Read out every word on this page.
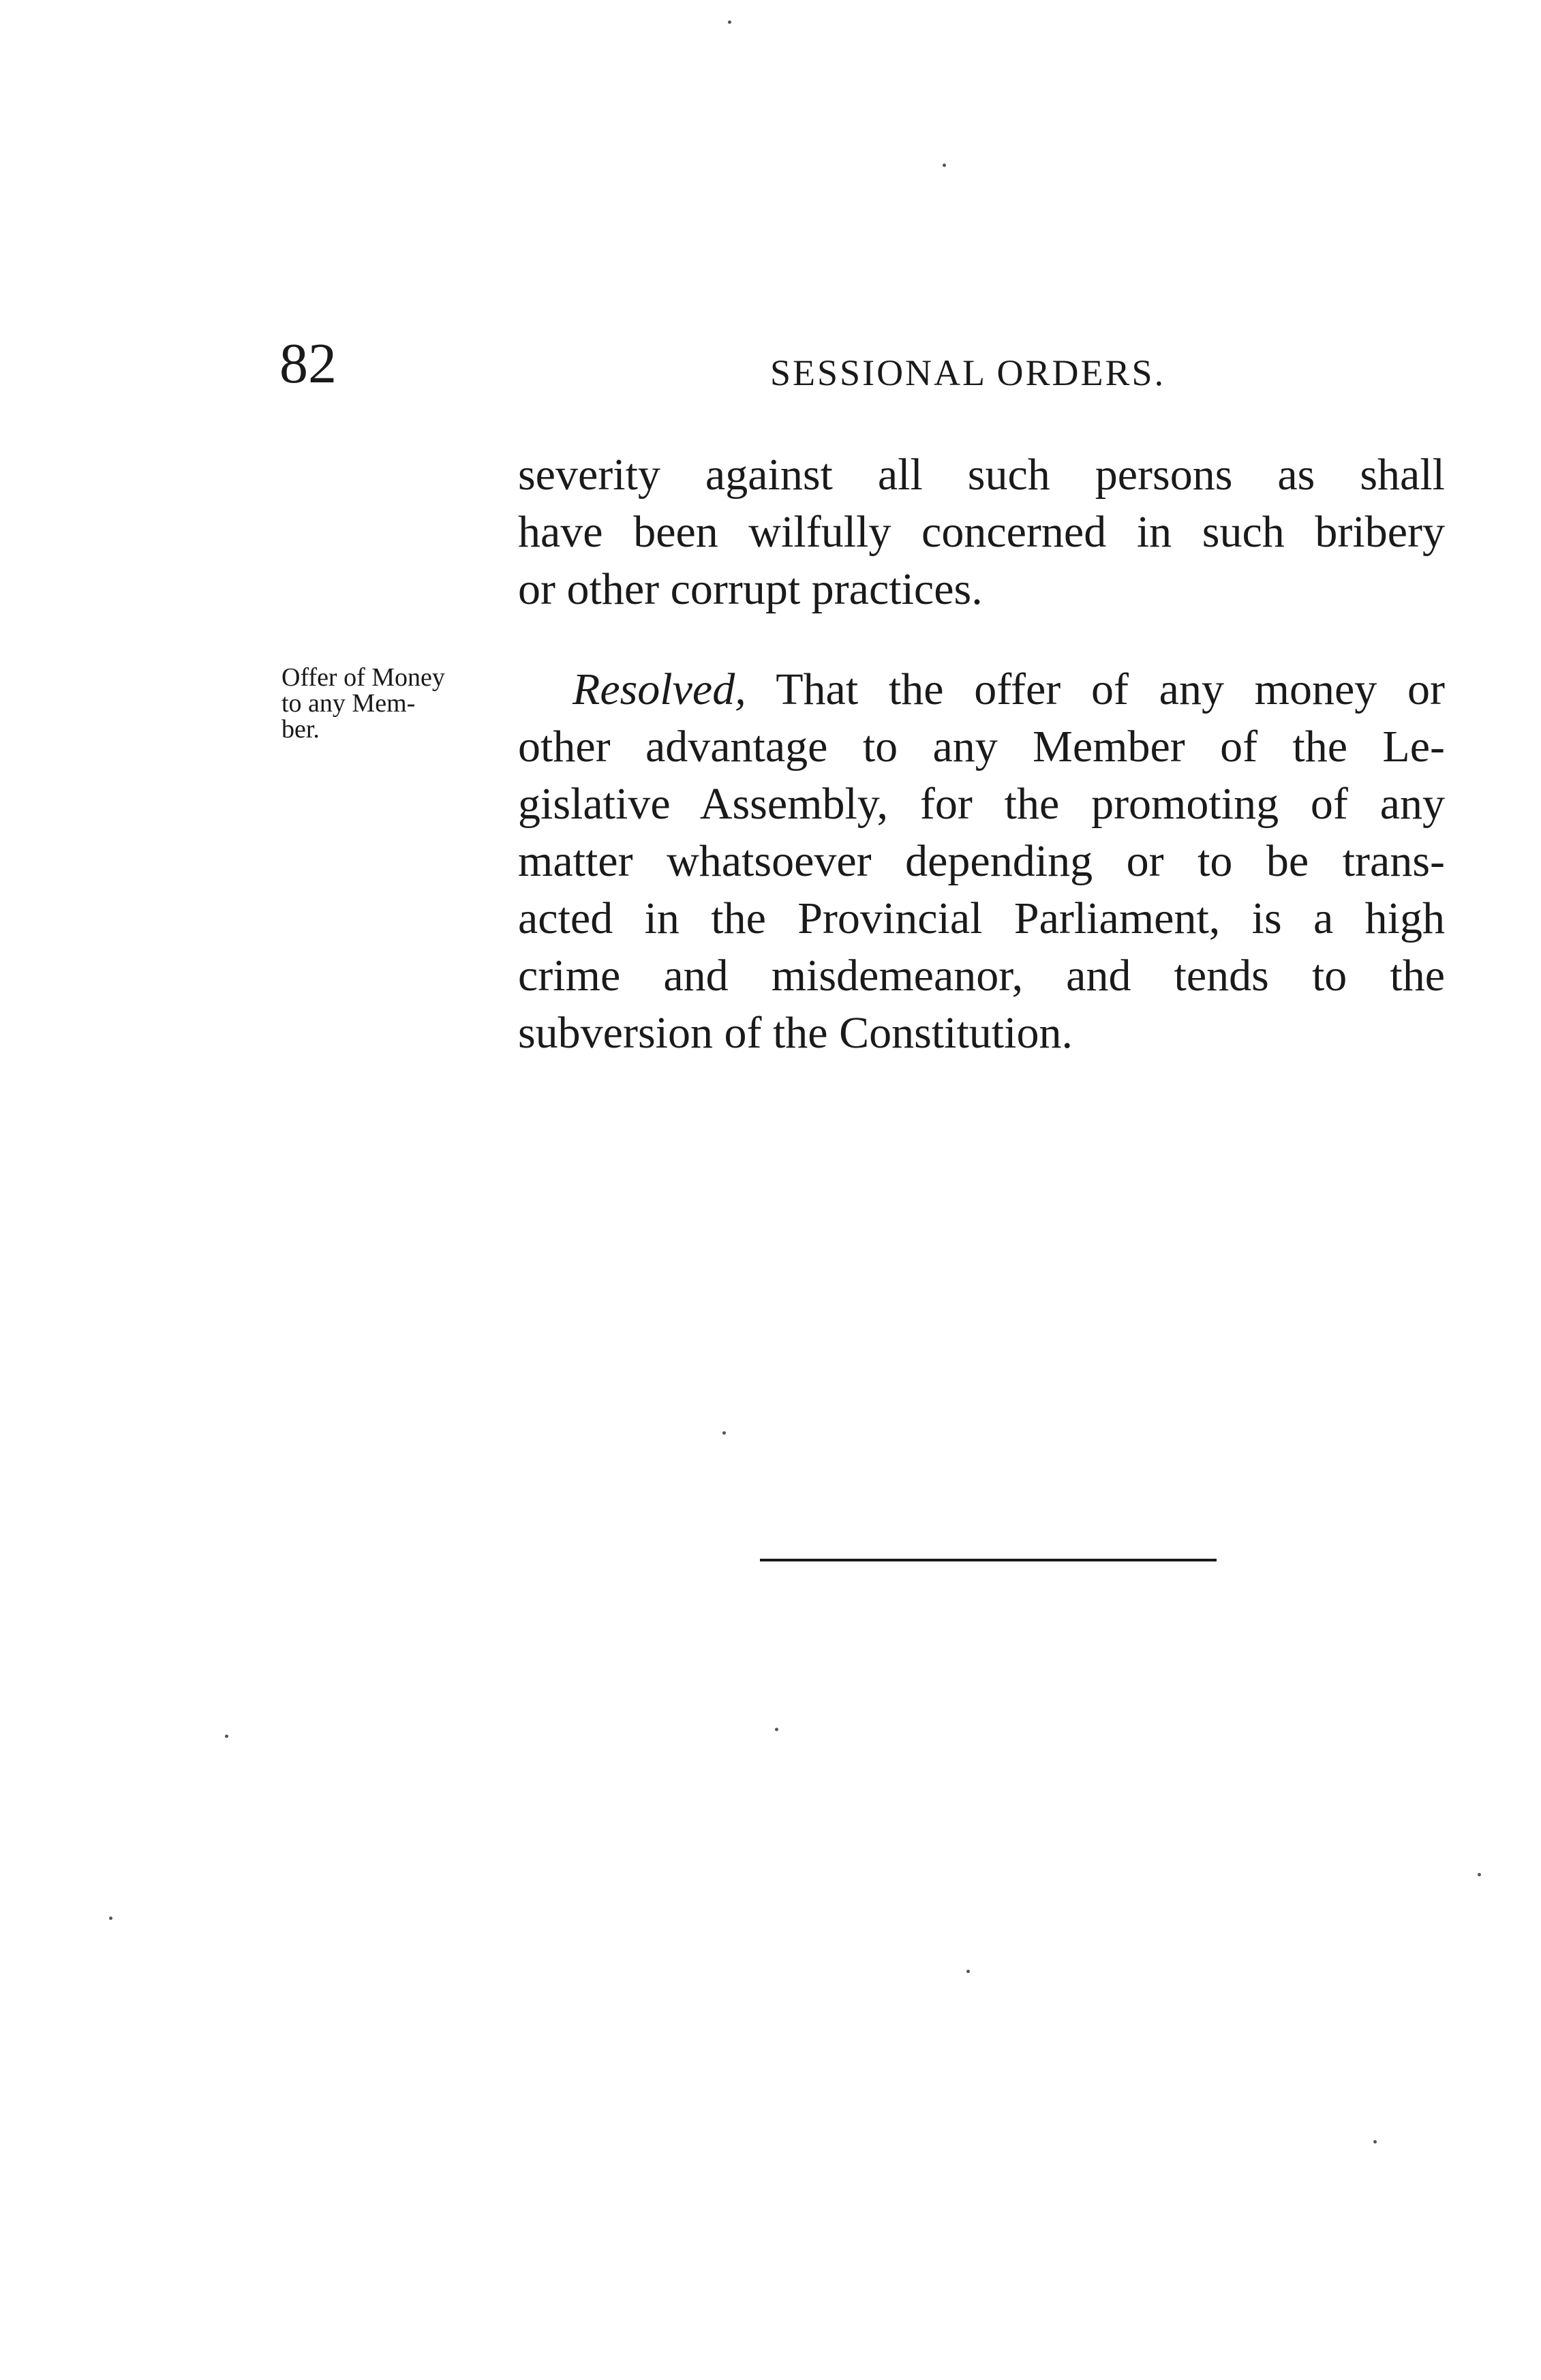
82	SESSIONAL ORDERS.
severity against all such persons as shall
have been wilfully concerned in such bribery
or other corrupt practices.
Offer of Money
to any Mem-
ber.
Resolved, That the offer of any money or
other advantage to any Member of the Le-
gislative Assembly, for the promoting of any
matter whatsoever depending or to be trans-
acted in the Provincial Parliament, is a high
crime and misdemeanor, and tends to the
subversion of the Constitution.
